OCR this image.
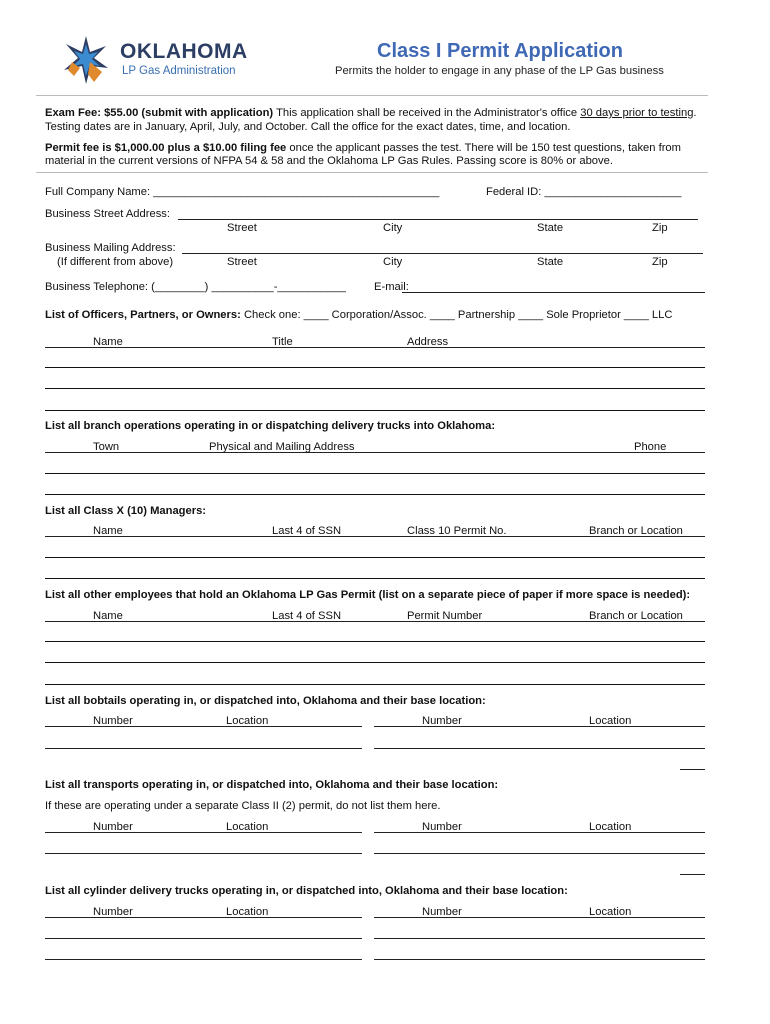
OKLAHOMA
LP Gas Administration
Class I Permit Application
Permits the holder to engage in any phase of the LP Gas business
Exam Fee: $55.00 (submit with application) This application shall be received in the Administrator's office 30 days prior to testing.
Testing dates are in January, April, July, and October. Call the office for the exact dates, time, and location.
Permit fee is $1,000.00 plus a $10.00 filing fee once the applicant passes the test. There will be 150 test questions, taken from
material in the current versions of NFPA 54 & 58 and the Oklahoma LP Gas Rules. Passing score is 80% or above.
Full Company Name: ______________________________________________	Federal ID: ______________________
Business Street Address:
Street	City	State	Zip
Business Mailing Address:
(If different from above)	Street	City	State	Zip
Business Telephone: (________) __________-___________	E-mail:
List of Officers, Partners, or Owners: Check one: ____ Corporation/Assoc. ____ Partnership ____ Sole Proprietor ____ LLC
Name	Title	Address
List all branch operations operating in or dispatching delivery trucks into Oklahoma:
Town	Physical and Mailing Address	Phone
List all Class X (10) Managers:
Name	Last 4 of SSN	Class 10 Permit No.	Branch or Location
List all other employees that hold an Oklahoma LP Gas Permit (list on a separate piece of paper if more space is needed):
Name	Last 4 of SSN	Permit Number	Branch or Location
List all bobtails operating in, or dispatched into, Oklahoma and their base location:
Number	Location	Number	Location
List all transports operating in, or dispatched into, Oklahoma and their base location:
If these are operating under a separate Class II (2) permit, do not list them here.
Number	Location	Number	Location
List all cylinder delivery trucks operating in, or dispatched into, Oklahoma and their base location:
Number	Location	Number	Location
